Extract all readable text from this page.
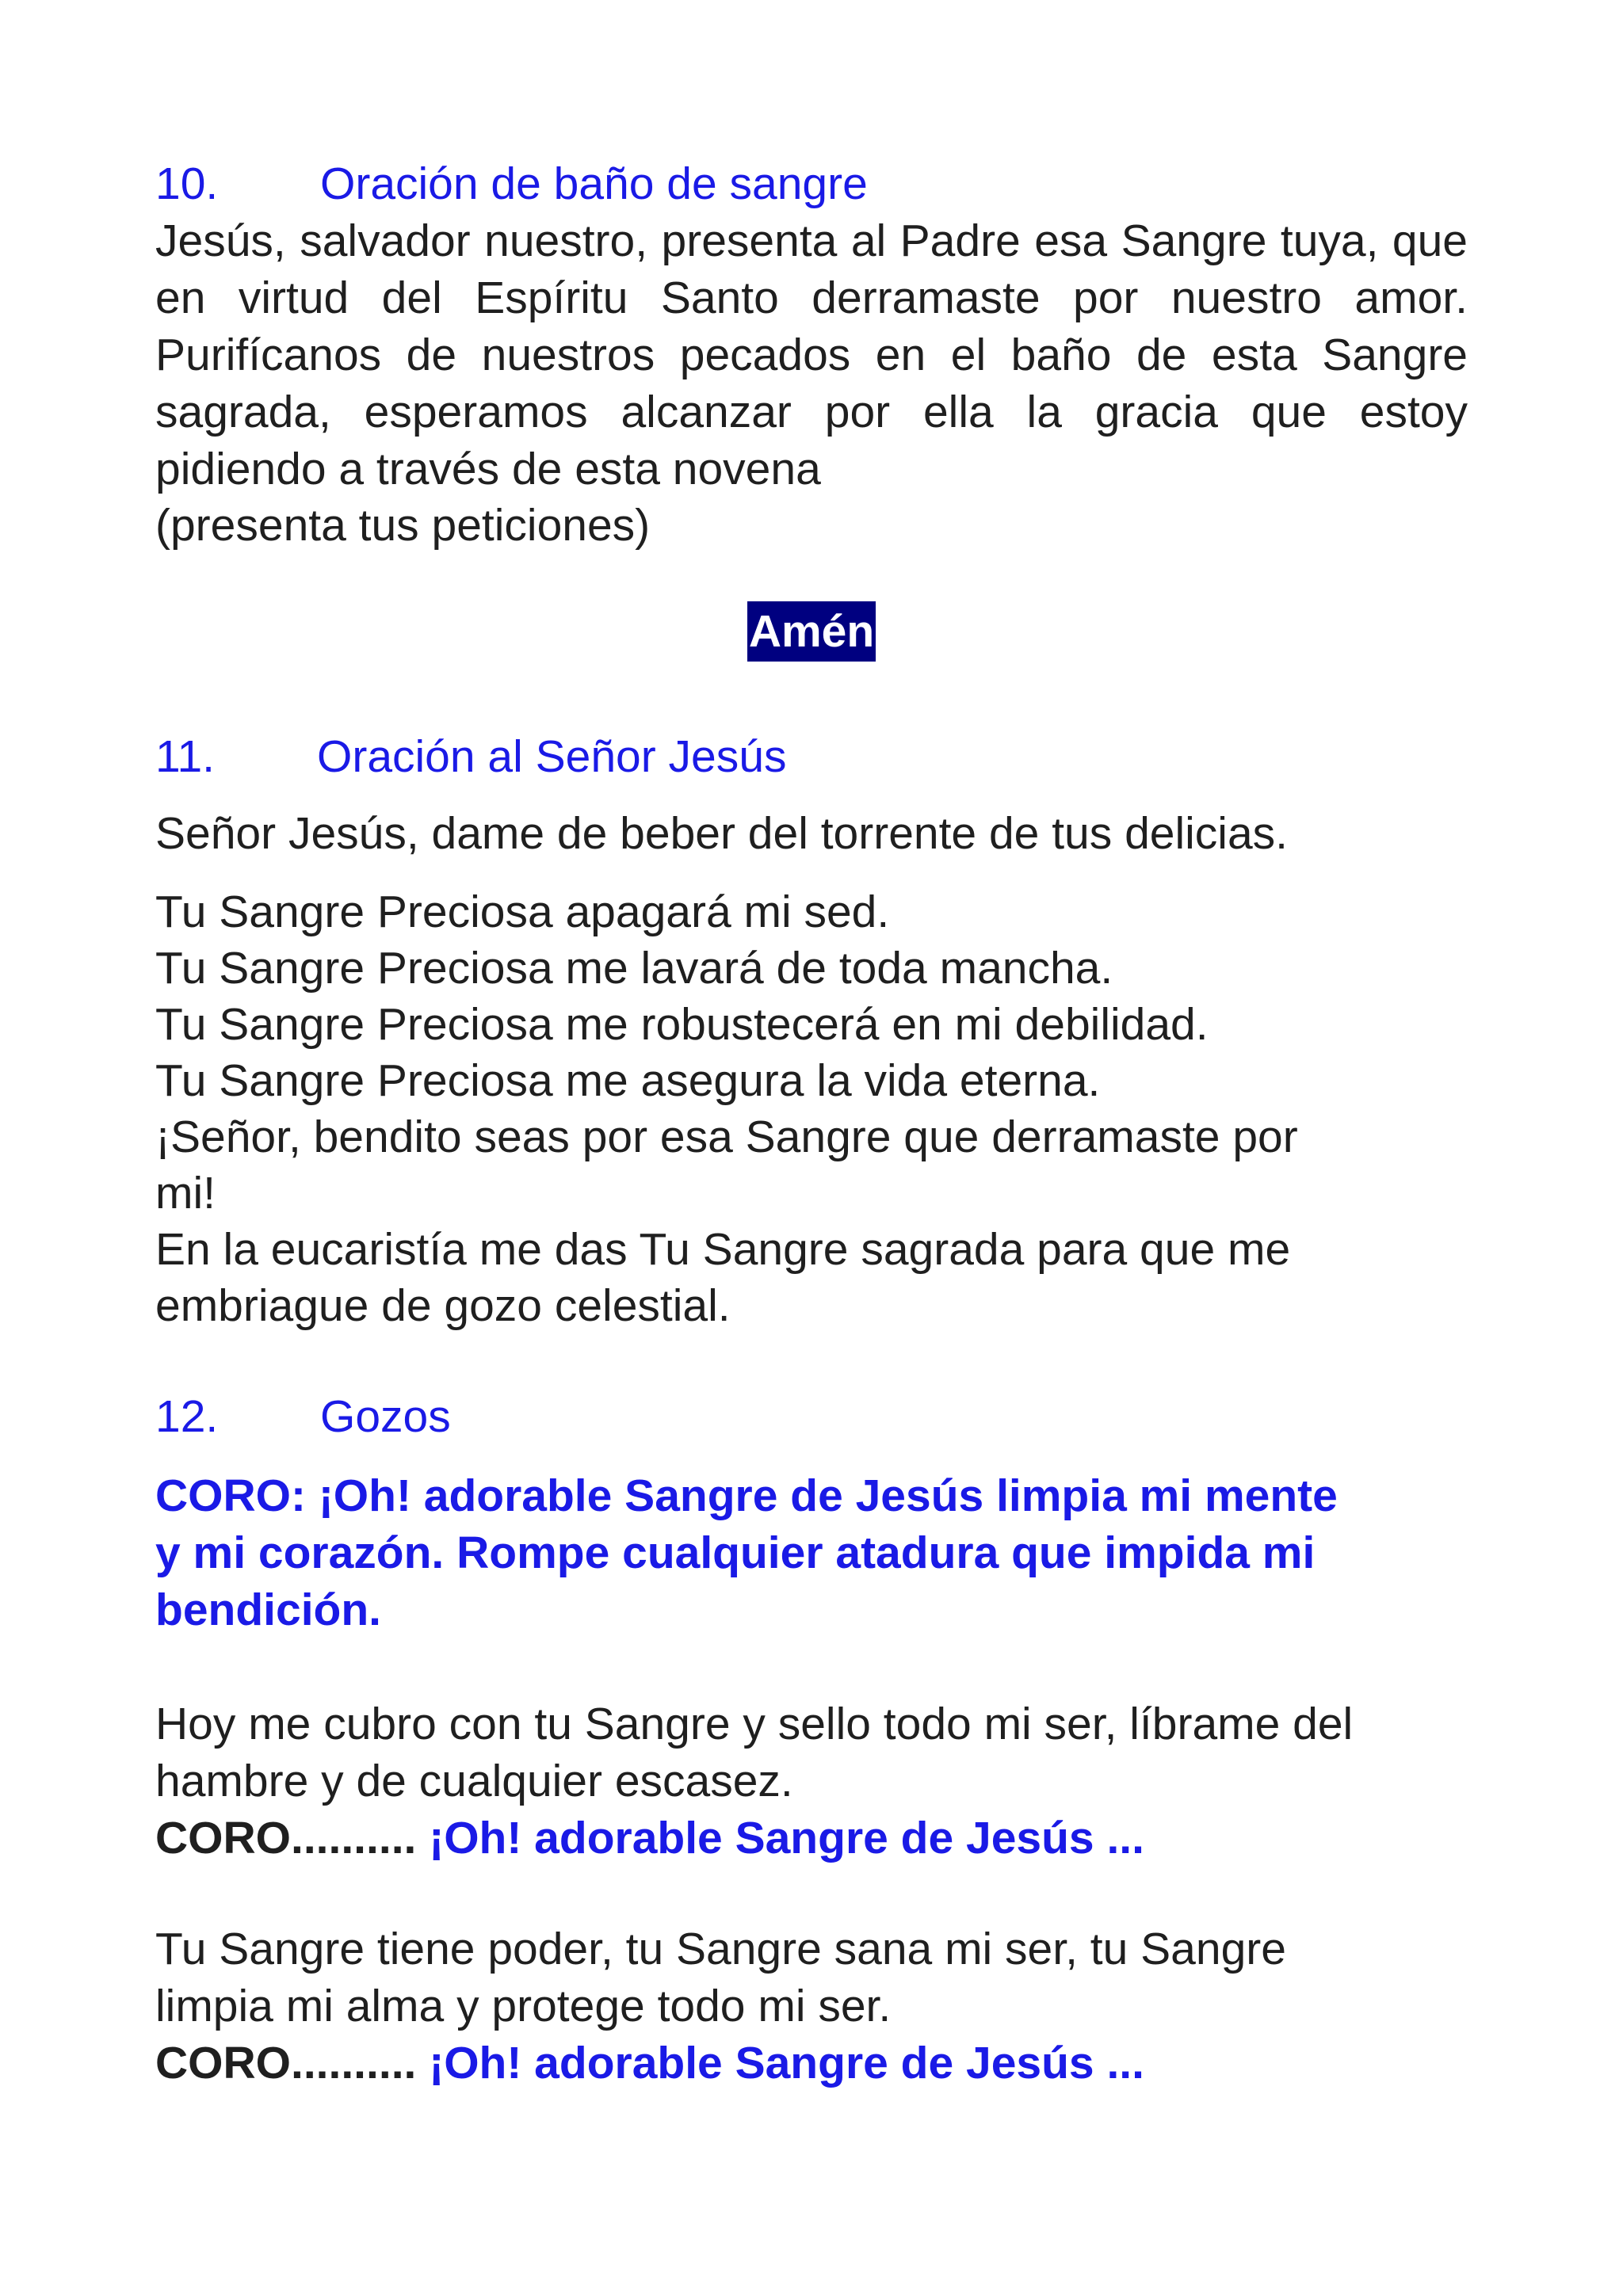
10. Oración de baño de sangre

Jesús, salvador nuestro, presenta al Padre esa Sangre tuya, que en virtud del Espíritu Santo derramaste por nuestro amor. Purifícanos de nuestros pecados en el baño de esta Sangre sagrada, esperamos alcanzar por ella la gracia que estoy pidiendo a través de esta novena

(presenta tus peticiones)

Amén

11. Oración al Señor Jesús

Señor Jesús, dame de beber del torrente de tus delicias.

Tu Sangre Preciosa apagará mi sed.

Tu Sangre Preciosa me lavará de toda mancha.

Tu Sangre Preciosa me robustecerá en mi debilidad.

Tu Sangre Preciosa me asegura la vida eterna.

¡Señor, bendito seas por esa Sangre que derramaste por

mi!

En la eucaristía me das Tu Sangre sagrada para que me

embriague de gozo celestial.

12. Gozos

CORO: ¡Oh! adorable Sangre de Jesús limpia mi mente

y mi corazón. Rompe cualquier atadura que impida mi

bendición.

Hoy me cubro con tu Sangre y sello todo mi ser, líbrame del

hambre y de cualquier escasez.

CORO.......... ¡Oh! adorable Sangre de Jesús ...

Tu Sangre tiene poder, tu Sangre sana mi ser, tu Sangre

limpia mi alma y protege todo mi ser.

CORO.......... ¡Oh! adorable Sangre de Jesús ...
